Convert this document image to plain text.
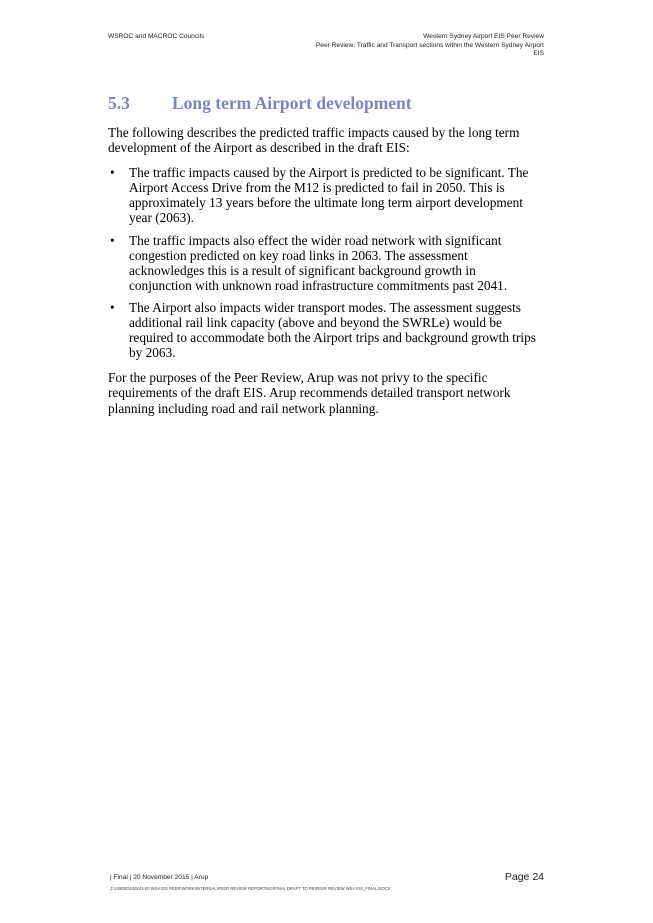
WSROC and MACROC Councils	Western Sydney Airport EIS Peer Review
Peer Review: Traffic and Transport sections within the Western Sydney Airport
EIS
5.3 Long term Airport development

The following describes the predicted traffic impacts caused by the long term development of the Airport as described in the draft EIS:

• The traffic impacts caused by the Airport is predicted to be significant. The Airport Access Drive from the M12 is predicted to fail in 2050. This is approximately 13 years before the ultimate long term airport development year (2063).
• The traffic impacts also effect the wider road network with significant congestion predicted on key road links in 2063. The assessment acknowledges this is a result of significant background growth in conjunction with unknown road infrastructure commitments past 2041.
• The Airport also impacts wider transport modes. The assessment suggests additional rail link capacity (above and beyond the SWRLe) would be required to accommodate both the Airport trips and background growth trips by 2063.

For the purposes of the Peer Review, Arup was not privy to the specific requirements of the draft EIS. Arup recommends detailed transport network planning including road and rail network planning.

| Final | 20 November 2015 | Arup	Page 24
J:\249000\249241-00 WSA EIS PEER\WORK\INTERNAL\PEER REVIEW REPORTING\FINAL DRAFT TO PB\PEER REVIEW WSA EIS_FINAL.DOCX
